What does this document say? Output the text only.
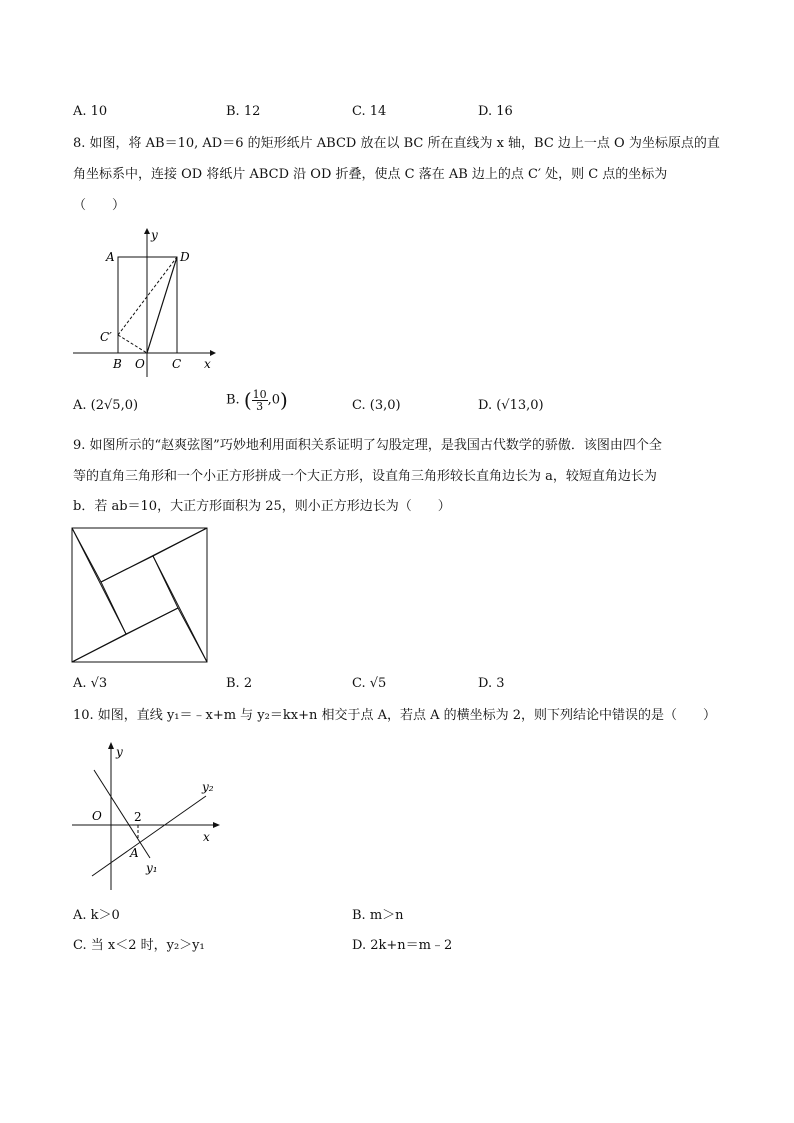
A. 10	B. 12	C. 14	D. 16
8. 如图，将 AB＝10, AD＝6 的矩形纸片 ABCD 放在以 BC 所在直线为 x 轴，BC 边上一点 O 为坐标原点的直
角坐标系中，连接 OD 将纸片 ABCD 沿 OD 折叠，使点 C 落在 AB 边上的点 C′ 处，则 C 点的坐标为
（　　）
y
x
A	D
C′
B O C
A. (2√5,0)	B. ( $\frac{10}{3} ,0$)	C. (3,0)	D. (√13,0)
9. 如图所示的“赵爽弦图”巧妙地利用面积关系证明了勾股定理，是我国古代数学的骄傲．该图由四个全
等的直角三角形和一个小正方形拼成一个大正方形，设直角三角形较长直角边长为 a，较短直角边长为
b．若 ab＝10，大正方形面积为 25，则小正方形边长为（　　）
A. √3	B. 2	C. √5	D. 3
10. 如图，直线 y₁＝﹣x+m 与 y₂＝kx+n 相交于点 A，若点 A 的横坐标为 2，则下列结论中错误的是（　　）
y
x
O	2
A
y₁
y₂
A. k＞0	B. m＞n
C. 当 x＜2 时，y₂＞y₁	D. 2k+n＝m﹣2
